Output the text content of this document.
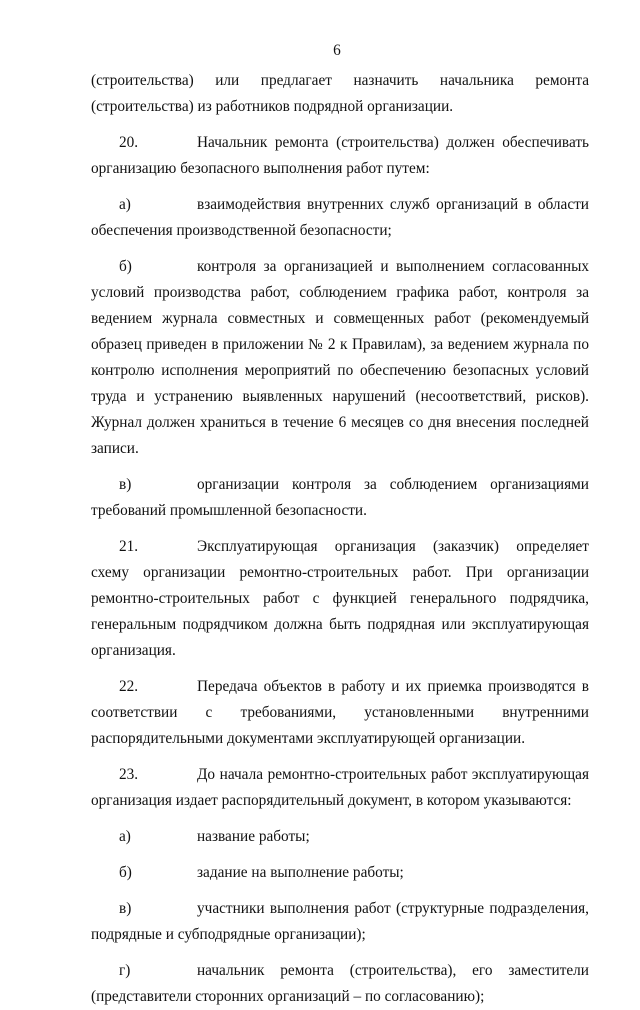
6

(строительства) или предлагает назначить начальника ремонта (строительства) из работников подрядной организации.

20.	Начальник ремонта (строительства) должен обеспечивать организацию безопасного выполнения работ путем:

а)	взаимодействия внутренних служб организаций в области обеспечения производственной безопасности;

б)	контроля за организацией и выполнением согласованных условий производства работ, соблюдением графика работ, контроля за ведением журнала совместных и совмещенных работ (рекомендуемый образец приведен в приложении № 2 к Правилам), за ведением журнала по контролю исполнения мероприятий по обеспечению безопасных условий труда и устранению выявленных нарушений (несоответствий, рисков). Журнал должен храниться в течение 6 месяцев со дня внесения последней записи.

в)	организации контроля за соблюдением организациями требований промышленной безопасности.

21.	Эксплуатирующая организация (заказчик) определяет схему организации ремонтно-строительных работ. При организации ремонтно-строительных работ с функцией генерального подрядчика, генеральным подрядчиком должна быть подрядная или эксплуатирующая организация.

22.	Передача объектов в работу и их приемка производятся в соответствии с требованиями, установленными внутренними распорядительными документами эксплуатирующей организации.

23.	До начала ремонтно-строительных работ эксплуатирующая организация издает распорядительный документ, в котором указываются:

а)	название работы;

б)	задание на выполнение работы;

в)	участники выполнения работ (структурные подразделения, подрядные и субподрядные организации);

г)	начальник ремонта (строительства), его заместители (представители сторонних организаций – по согласованию);
